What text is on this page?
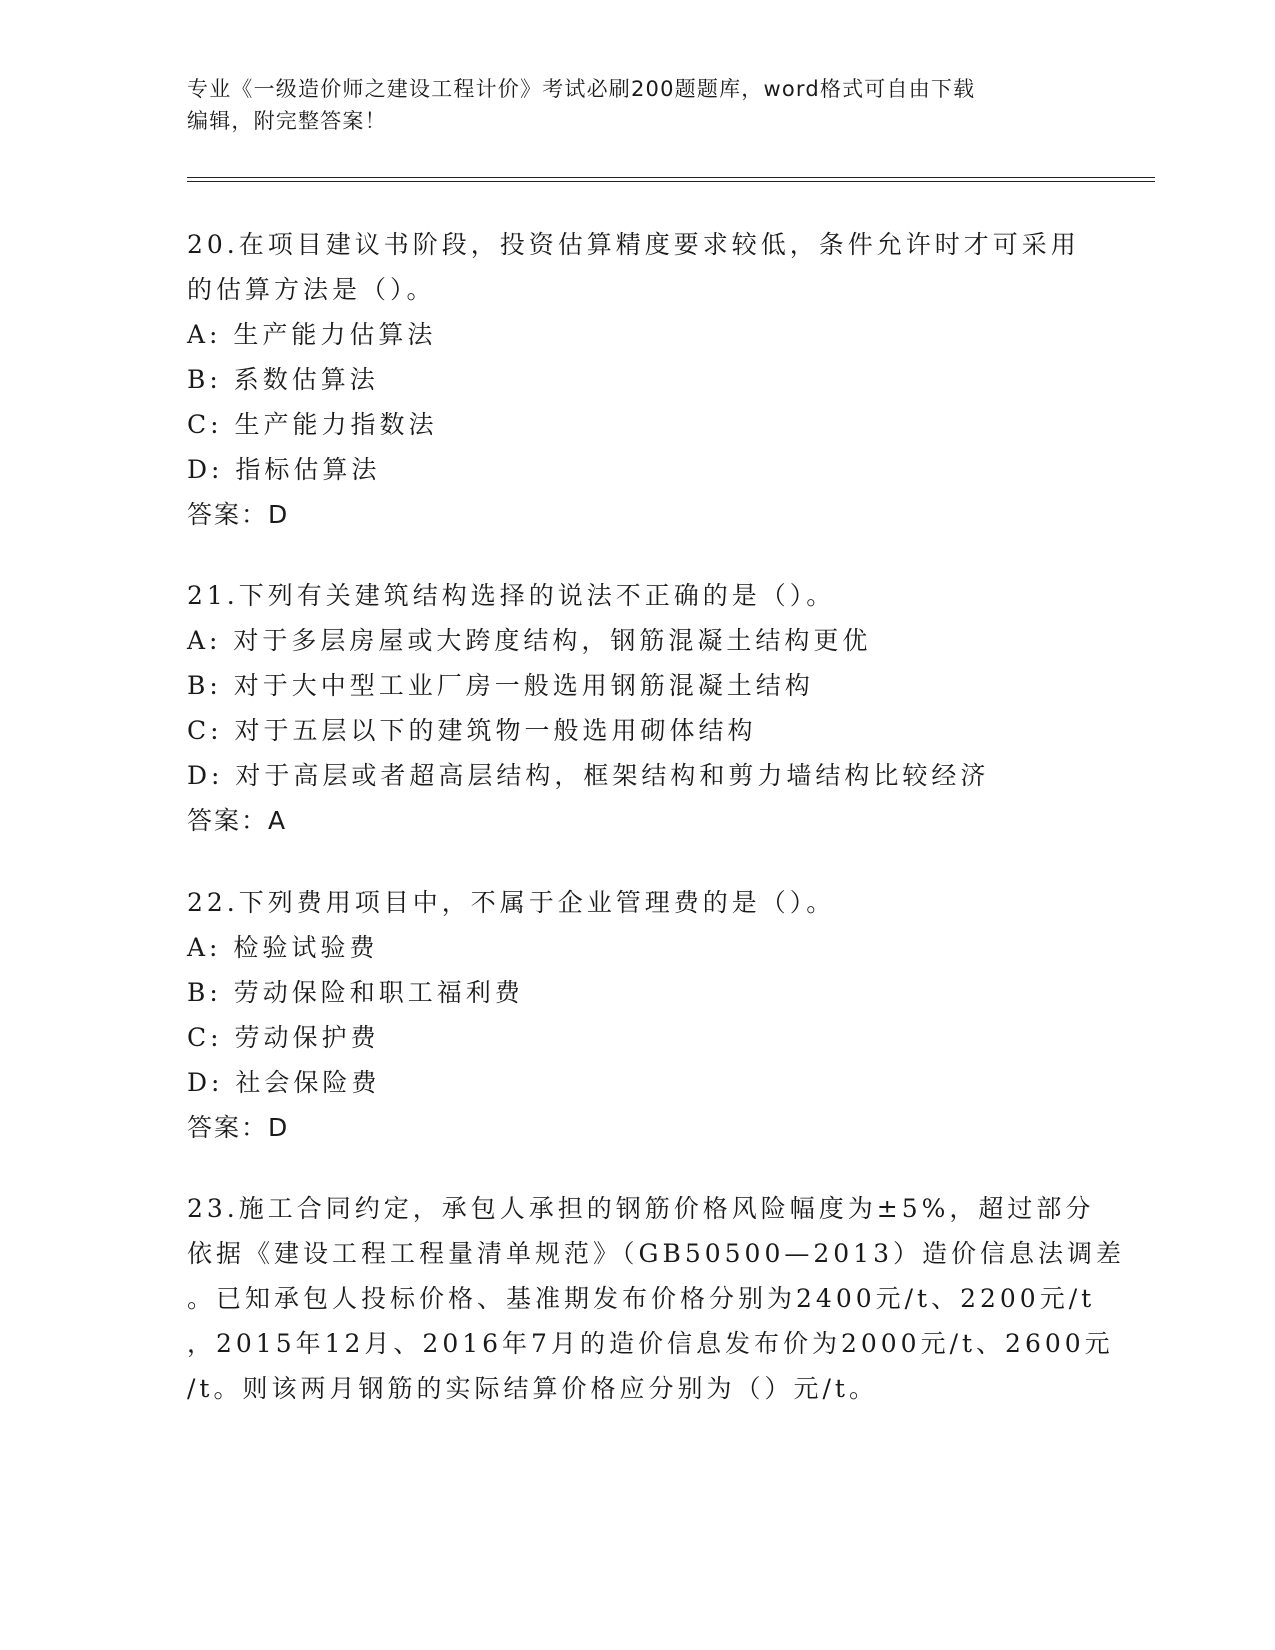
专业《一级造价师之建设工程计价》考试必刷200题题库，word格式可自由下载
编辑，附完整答案！
20.在项目建议书阶段，投资估算精度要求较低，条件允许时才可采用
的估算方法是（）。
A: 生产能力估算法
B: 系数估算法
C: 生产能力指数法
D: 指标估算法
答案：D
21.下列有关建筑结构选择的说法不正确的是（）。
A: 对于多层房屋或大跨度结构，钢筋混凝土结构更优
B: 对于大中型工业厂房一般选用钢筋混凝土结构
C: 对于五层以下的建筑物一般选用砌体结构
D: 对于高层或者超高层结构，框架结构和剪力墙结构比较经济
答案：A
22.下列费用项目中，不属于企业管理费的是（）。
A: 检验试验费
B: 劳动保险和职工福利费
C: 劳动保护费
D: 社会保险费
答案：D
23.施工合同约定，承包人承担的钢筋价格风险幅度为±5%，超过部分
依据《建设工程工程量清单规范》（GB50500—2013）造价信息法调差
。已知承包人投标价格、基准期发布价格分别为2400元/t、2200元/t
，2015年12月、2016年7月的造价信息发布价为2000元/t、2600元
/t。则该两月钢筋的实际结算价格应分别为（）元/t。
